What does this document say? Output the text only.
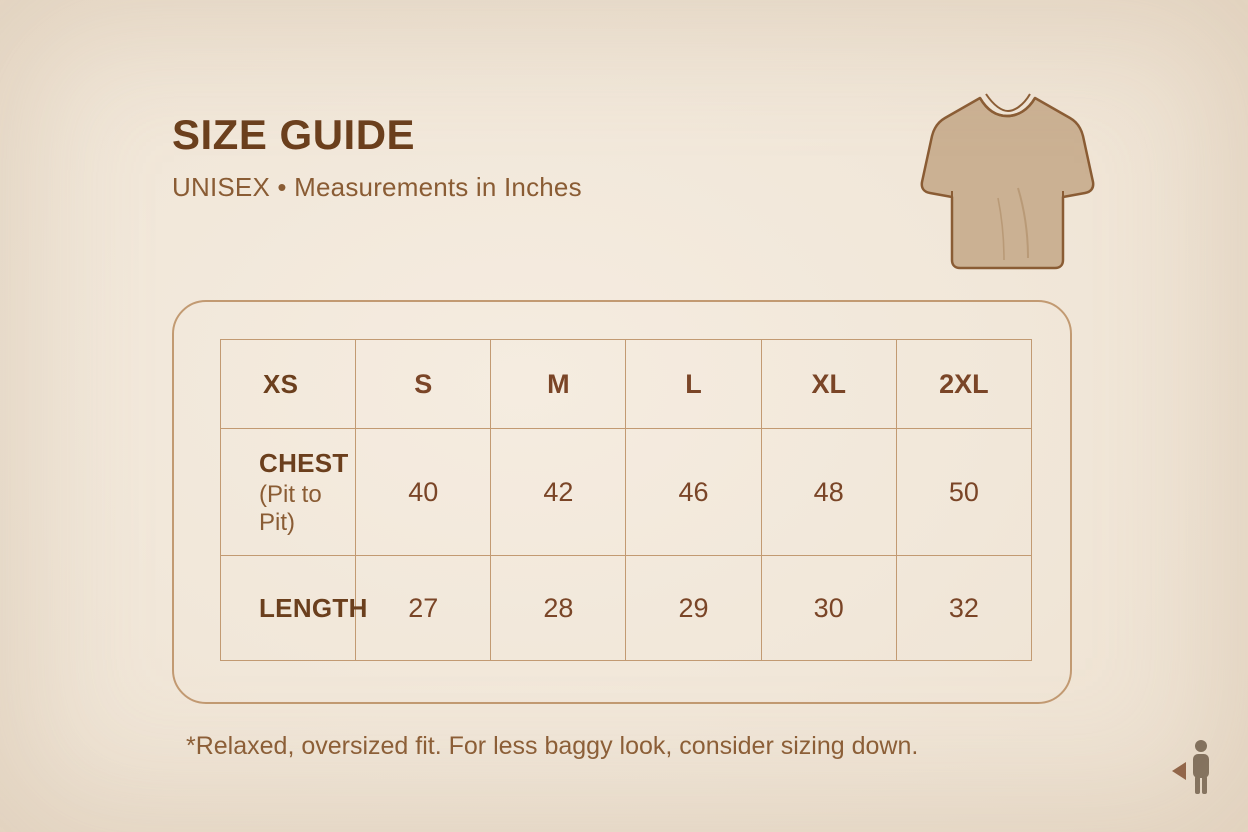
SIZE GUIDE

UNISEX • Measurements in Inches

XS	S	M	L	XL	2XL
CHEST
(Pit to Pit)	40	42	46	48	50
LENGTH	27	28	29	30	32
*Relaxed, oversized fit. For less baggy look, consider sizing down.
